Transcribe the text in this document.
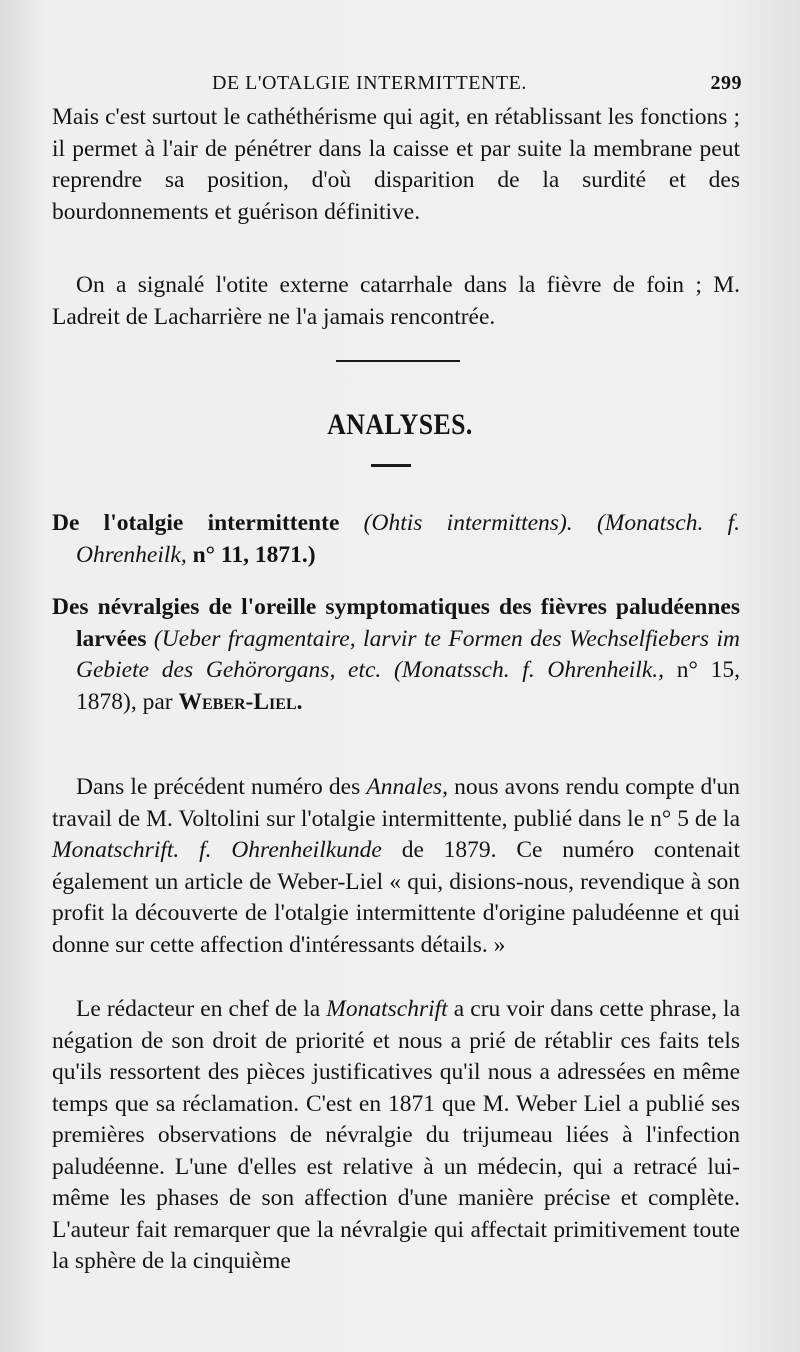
DE L'OTALGIE INTERMITTENTE.	299

Mais c'est surtout le cathéthérisme qui agit, en rétablissant les fonctions ; il permet à l'air de pénétrer dans la caisse et par suite la membrane peut reprendre sa position, d'où disparition de la surdité et des bourdonnements et guérison définitive.

On a signalé l'otite externe catarrhale dans la fièvre de foin ; M. Ladreit de Lacharrière ne l'a jamais rencontrée.

ANALYSES.

De l'otalgie intermittente (Ohtis intermittens). (Monatsch. f. Ohrenheilk, n° 11, 1871.)

Des névralgies de l'oreille symptomatiques des fièvres paludéennes larvées (Ueber fragmentaire, larvir te Formen des Wechselfiebers im Gebiete des Gehörorgans, etc. (Monatssch. f. Ohrenheilk., n° 15, 1878), par Weber-Liel.

Dans le précédent numéro des Annales, nous avons rendu compte d'un travail de M. Voltolini sur l'otalgie intermittente, publié dans le n° 5 de la Monatschrift. f. Ohrenheilkunde de 1879. Ce numéro contenait également un article de Weber-Liel « qui, disions-nous, revendique à son profit la découverte de l'otalgie intermittente d'origine paludéenne et qui donne sur cette affection d'intéressants détails. »

Le rédacteur en chef de la Monatschrift a cru voir dans cette phrase, la négation de son droit de priorité et nous a prié de rétablir ces faits tels qu'ils ressortent des pièces justificatives qu'il nous a adressées en même temps que sa réclamation. C'est en 1871 que M. Weber Liel a publié ses premières observations de névralgie du trijumeau liées à l'infection paludéenne. L'une d'elles est relative à un médecin, qui a retracé lui-même les phases de son affection d'une manière précise et complète. L'auteur fait remarquer que la névralgie qui affectait primitivement toute la sphère de la cinquième
